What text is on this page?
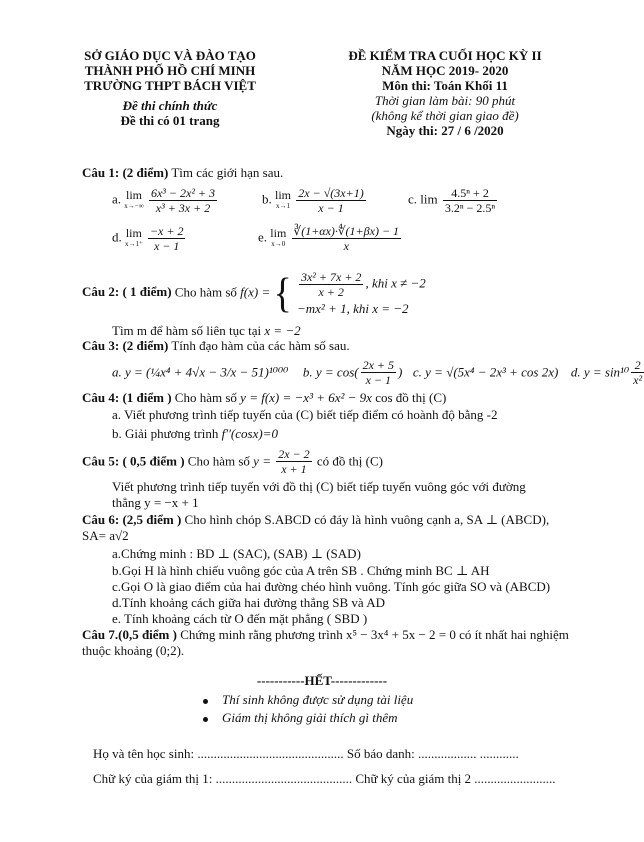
SỞ GIÁO DỤC VÀ ĐÀO TẠO
THÀNH PHỐ HỒ CHÍ MINH
TRƯỜNG THPT BÁCH VIỆT
Đề thi chính thức
Đề thi có 01 trang
ĐỀ KIỂM TRA CUỐI HỌC KỲ II
NĂM HỌC 2019- 2020
Môn thi: Toán Khối 11
Thời gian làm bài: 90 phút
(không kể thời gian giao đề)
Ngày thi: 27 / 6 /2020
Câu 1: (2 điểm) Tìm các giới hạn sau.
a. lim
x→−∞
$\frac{\text{6x³ − 2x² + 3}}{\text{x³ + 3x + 2}}$	b. lim
x→1
$\frac{2x - √(3x+1)}{x - 1}$	c. $\lim \frac{\text{4.5ⁿ + 2}}{\text{3.2ⁿ − 2.5ⁿ}}$
d. lim
x→1⁺
$\frac{-x + 2}{x - 1}$	e. lim
x→0
$\frac{∛(1+\alpha x)\cdot∜(1+\beta x) - 1}{x}$
Câu 2: ( 1 điểm) Cho hàm số f(x) = { $\frac{\text{3x² + 7x + 2}}{x + 2}$ , khi x ≠ −2
−mx² + 1, khi x = −2
Tìm m để hàm số liên tục tại x = −2
Câu 3: (2 điểm) Tính đạo hàm của các hàm số sau.
a. y = (¼x⁴ + 4√x − 3/x − 51)¹⁰⁰⁰ b. $y = \cos( \frac{2x + 5}{x - 1}$ ) c. y = √(5x⁴ − 2x³ + cos 2x) d. $y = \sin^{10} \frac{2}{\text{x²}}$
Câu 4: (1 điểm ) Cho hàm số y = f(x) = −x³ + 6x² − 9x cos đồ thị (C)
a. Viết phương trình tiếp tuyến của (C) biết tiếp điểm có hoành độ bằng -2
b. Giải phương trình f′′(cosx)=0
Câu 5: ( 0,5 điểm ) Cho hàm số $y = \frac{2x - 2}{x + 1}$ có đồ thị (C)
Viết phương trình tiếp tuyến với đồ thị (C) biết tiếp tuyến vuông góc với đường
thẳng y = −x + 1
Câu 6: (2,5 điểm ) Cho hình chóp S.ABCD có đáy là hình vuông cạnh a, SA ⊥ (ABCD),
SA= a√2
a.Chứng minh : BD ⊥ (SAC), (SAB) ⊥ (SAD)
b.Gọi H là hình chiếu vuông góc của A trên SB . Chứng minh BC ⊥ AH
c.Gọi O là giao điểm của hai đường chéo hình vuông. Tính góc giữa SO và (ABCD)
d.Tính khoảng cách giữa hai đường thẳng SB và AD
e. Tính khoảng cách từ O đến mặt phẳng ( SBD )
Câu 7.(0,5 điểm ) Chứng minh rằng phương trình x⁵ − 3x⁴ + 5x − 2 = 0 có ít nhất hai nghiệm
thuộc khoảng (0;2).
-----------HẾT-------------
Thí sinh không được sử dụng tài liệu
Giám thị không giải thích gì thêm
Họ và tên học sinh: ............................................. Số báo danh: .................. ............
Chữ ký của giám thị 1: .......................................... Chữ ký của giám thị 2 .........................
